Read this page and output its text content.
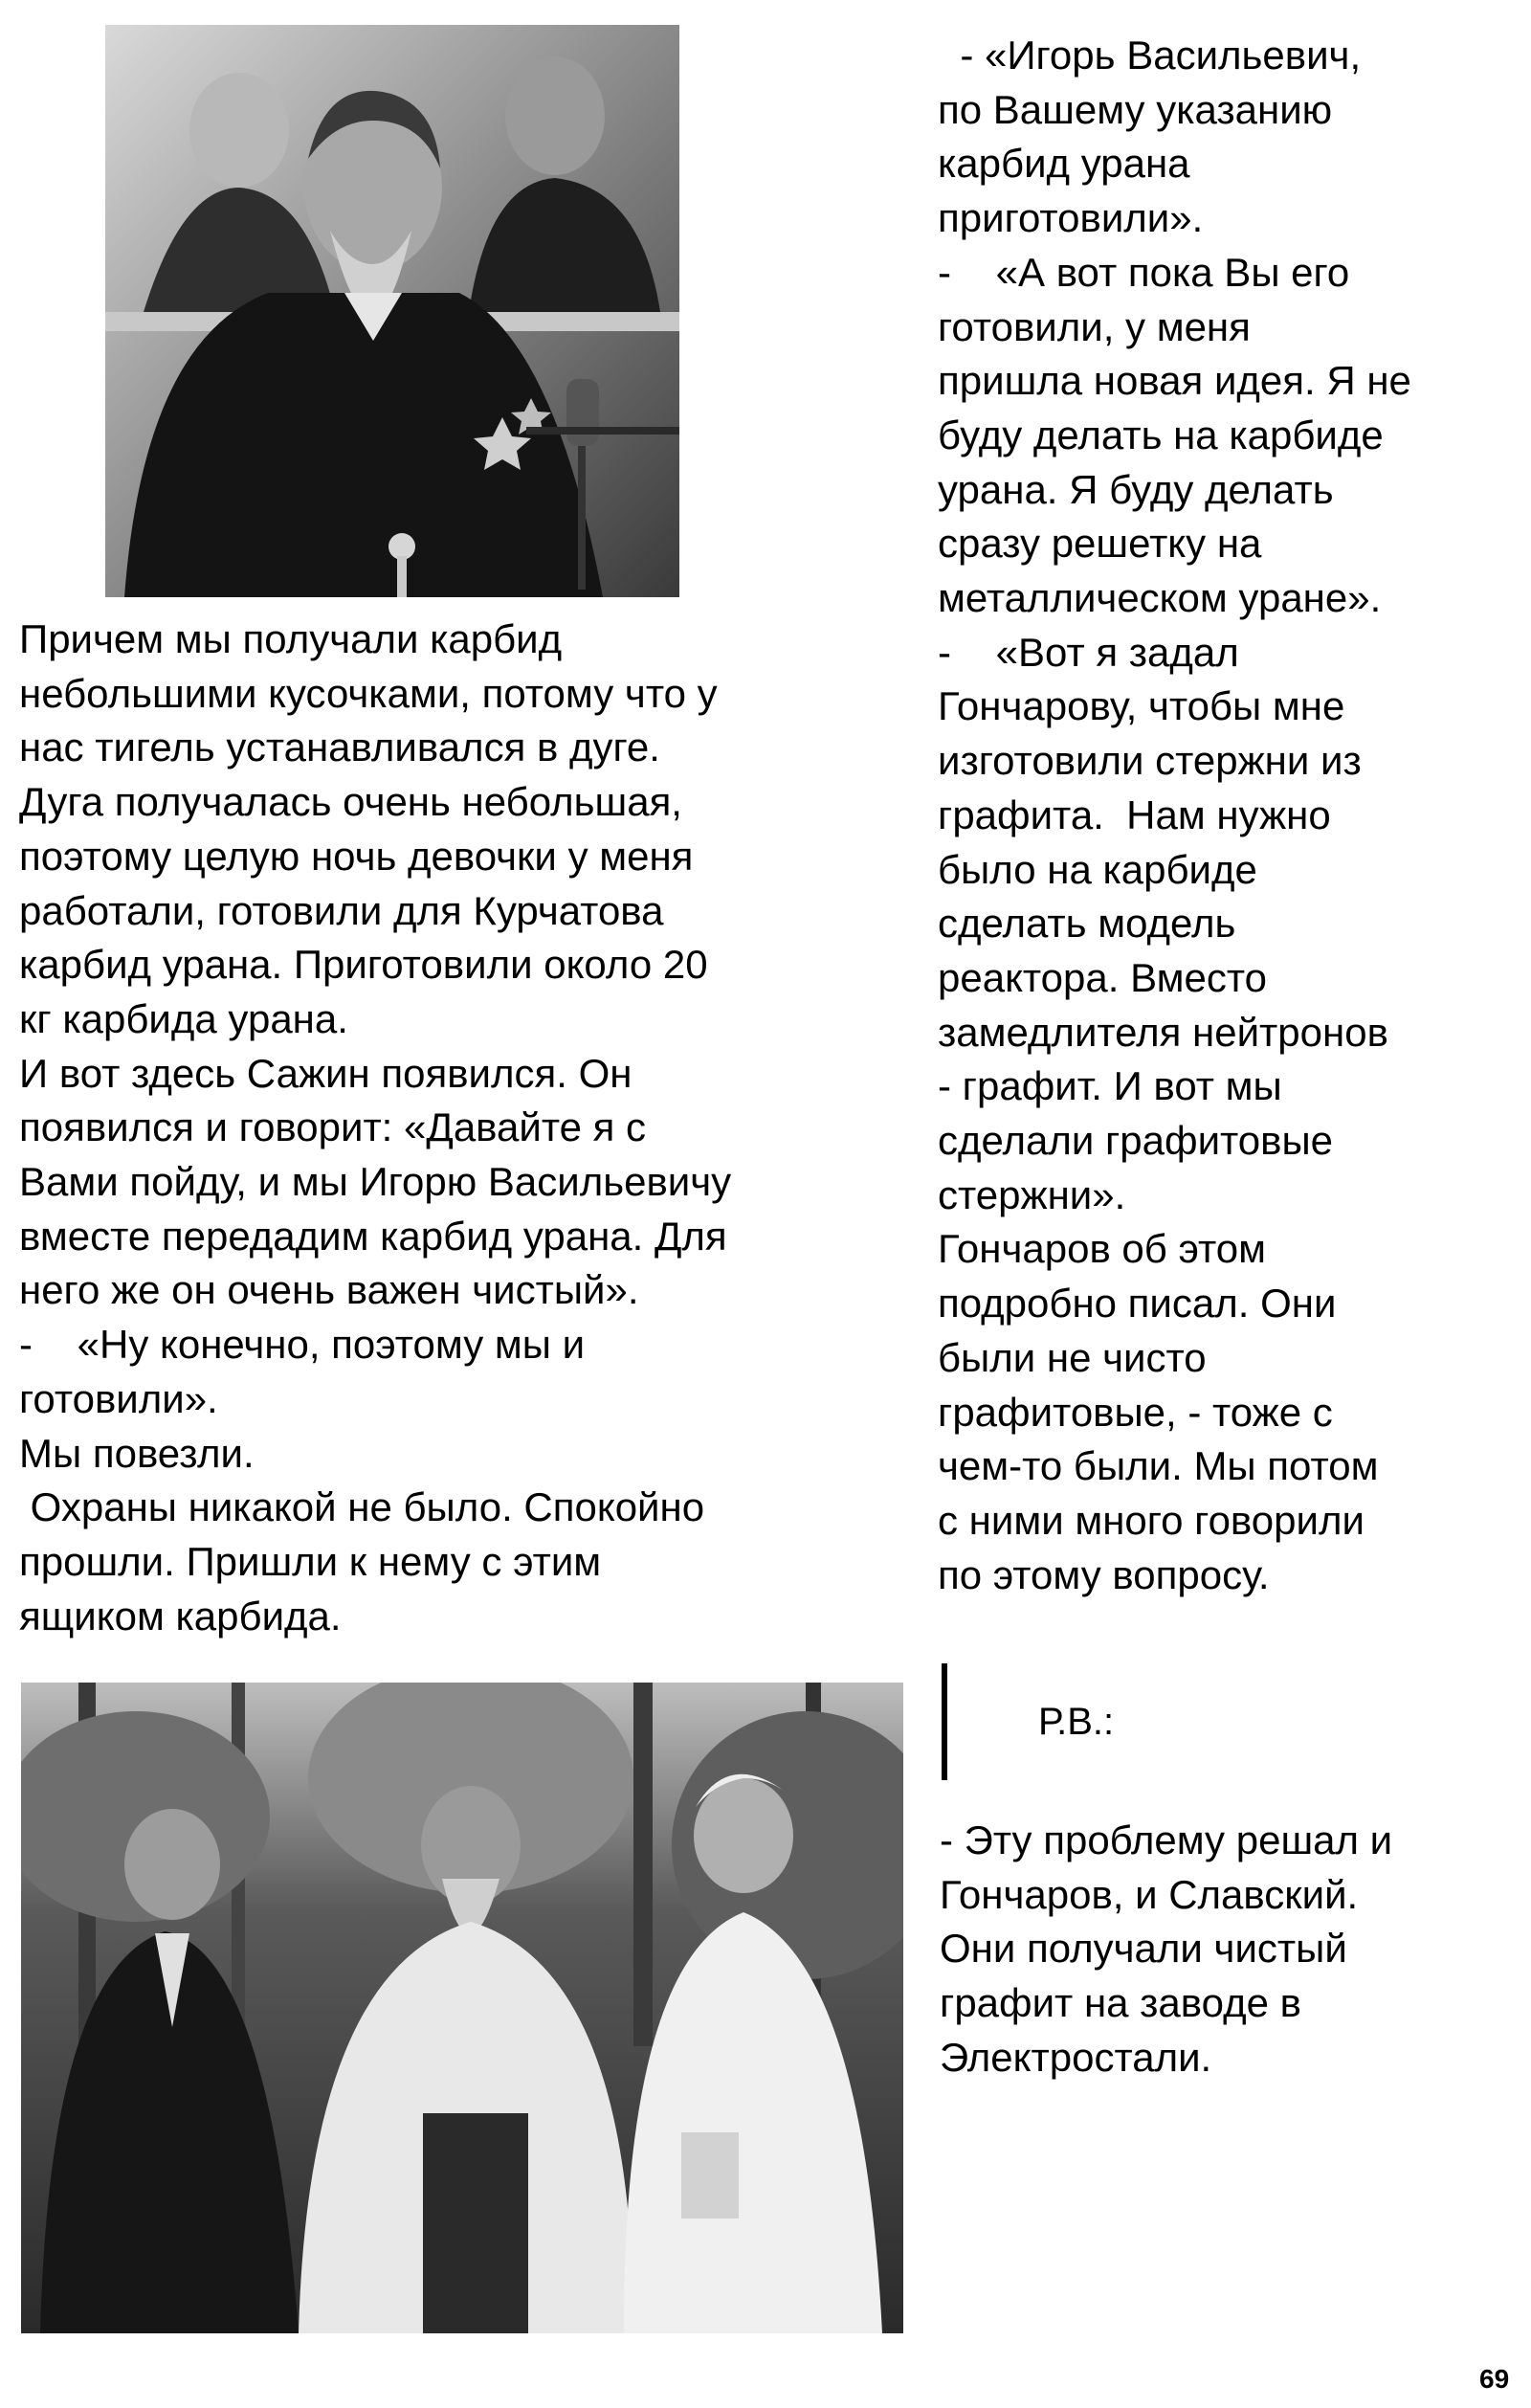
Причем мы получали карбид
небольшими кусочками, потому что у
нас тигель устанавливался в дуге.
Дуга получалась очень небольшая,
поэтому целую ночь девочки у меня
работали, готовили для Курчатова
карбид урана. Приготовили около 20
кг карбида урана.
И вот здесь Сажин появился. Он
появился и говорит: «Давайте я с
Вами пойду, и мы Игорю Васильевичу
вместе передадим карбид урана. Для
него же он очень важен чистый».
-    «Ну конечно, поэтому мы и
готовили».
Мы повезли.
Охраны никакой не было. Спокойно
прошли. Пришли к нему с этим
ящиком карбида.
- «Игорь Васильевич,
по Вашему указанию
карбид урана
приготовили».
-    «А вот пока Вы его
готовили, у меня
пришла новая идея. Я не
буду делать на карбиде
урана. Я буду делать
сразу решетку на
металлическом уране».
-    «Вот я задал
Гончарову, чтобы мне
изготовили стержни из
графита.  Нам нужно
было на карбиде
сделать модель
реактора. Вместо
замедлителя нейтронов
- графит. И вот мы
сделали графитовые
стержни».
Гончаров об этом
подробно писал. Они
были не чисто
графитовые, - тоже с
чем-то были. Мы потом
с ними много говорили
по этому вопросу.
Р.В.:
- Эту проблему решал и
Гончаров, и Славский.
Они получали чистый
графит на заводе в
Электростали.
69
